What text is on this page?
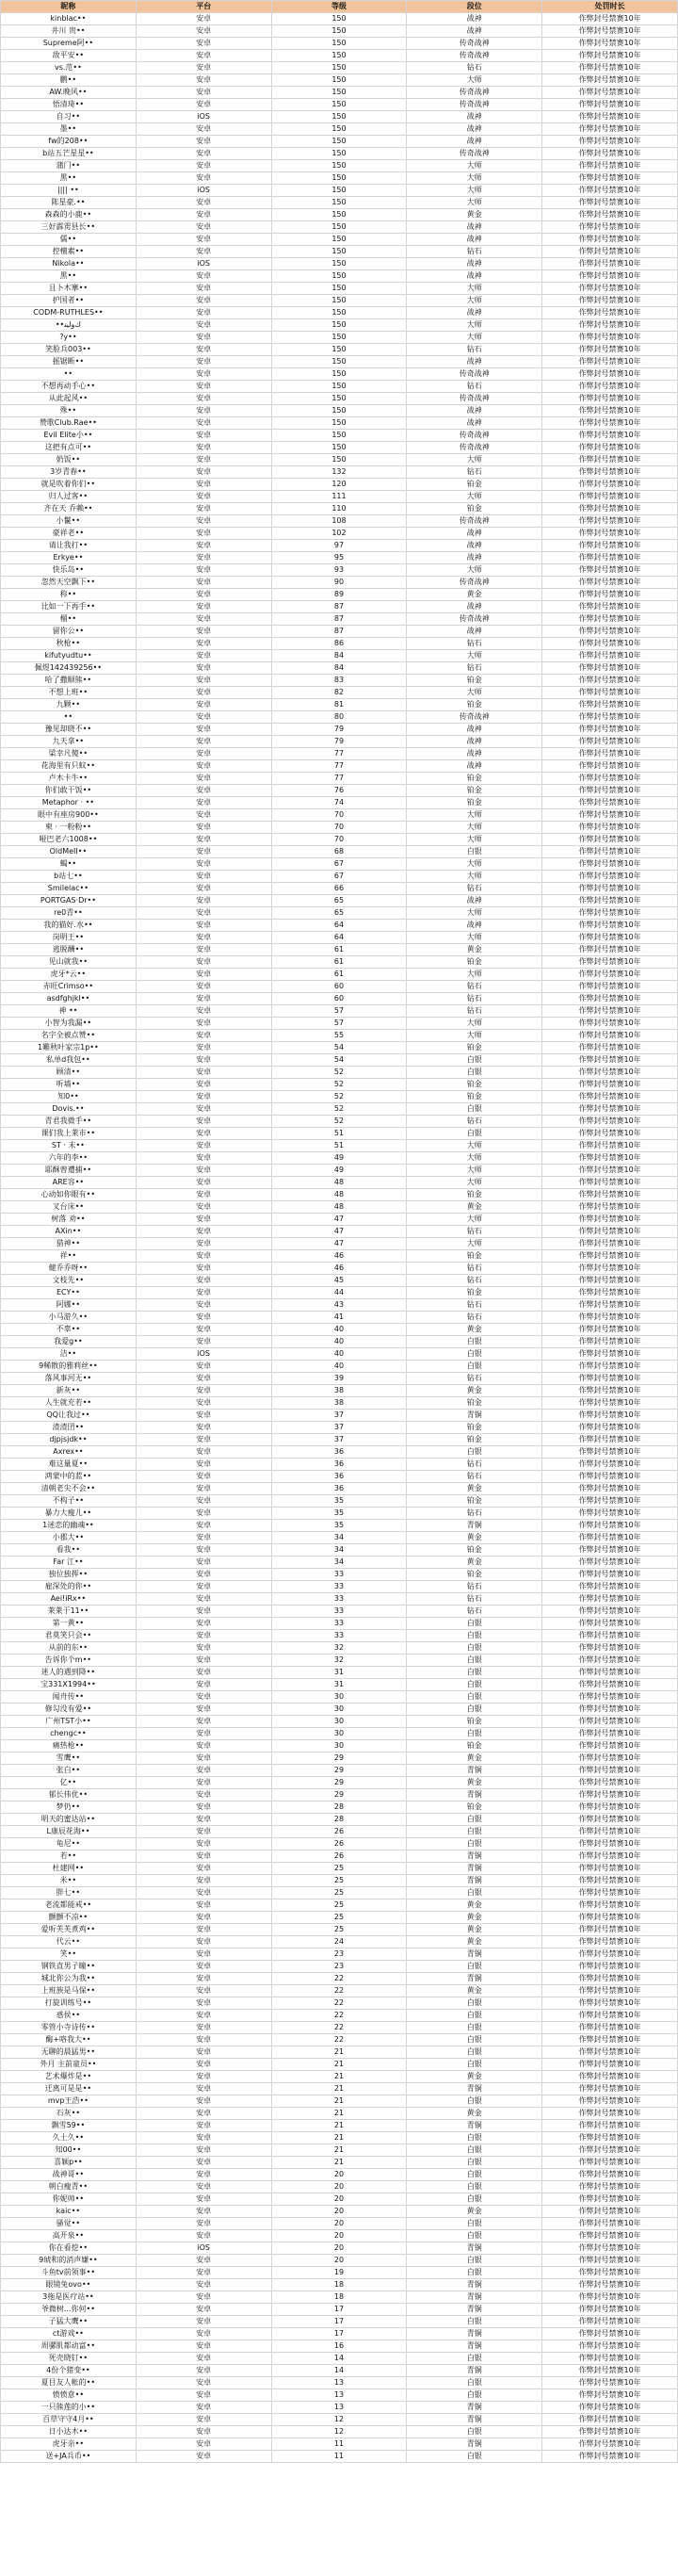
昵称	平台	等级	段位	处罚时长
kinblac••	安卓	150	战神	作弊封号禁赛10年
井川 贵••	安卓	150	战神	作弊封号禁赛10年
Supreme阿••	安卓	150	传奇战神	作弊封号禁赛10年
敌平安••	安卓	150	传奇战神	作弊封号禁赛10年
vs.范••	安卓	150	钻石	作弊封号禁赛10年
鹏••	安卓	150	大师	作弊封号禁赛10年
AW.晚风••	安卓	150	传奇战神	作弊封号禁赛10年
悟清琦••	安卓	150	传奇战神	作弊封号禁赛10年
自习••	iOS	150	战神	作弊封号禁赛10年
墨••	安卓	150	战神	作弊封号禁赛10年
fw的208••	安卓	150	战神	作弊封号禁赛10年
b站五芒星星••	安卓	150	传奇战神	作弊封号禁赛10年
蒲门••	安卓	150	大师	作弊封号禁赛10年
黑••	安卓	150	大师	作弊封号禁赛10年
|||| ••	iOS	150	大师	作弊封号禁赛10年
陈星豪.••	安卓	150	大师	作弊封号禁赛10年
森森的小鹿••	安卓	150	黄金	作弊封号禁赛10年
三好霹雳县长••	安卓	150	战神	作弊封号禁赛10年
儒••	安卓	150	战神	作弊封号禁赛10年
控檀素••	安卓	150	钻石	作弊封号禁赛10年
Nikola••	iOS	150	战神	作弊封号禁赛10年
黑••	安卓	150	战神	作弊封号禁赛10年
且卜木搴••	安卓	150	大师	作弊封号禁赛10年
护国者••	安卓	150	大师	作弊封号禁赛10年
CODM-RUTHLES••	安卓	150	战神	作弊封号禁赛10年
••ﻙﻭﻟﻴﻨ	安卓	150	大师	作弊封号禁赛10年
?y••	安卓	150	大师	作弊封号禁赛10年
笑脸兵003••	安卓	150	钻石	作弊封号禁赛10年
摇锯断••	安卓	150	战神	作弊封号禁赛10年
••	安卓	150	传奇战神	作弊封号禁赛10年
不想再动手心••	安卓	150	钻石	作弊封号禁赛10年
从此起风••	安卓	150	传奇战神	作弊封号禁赛10年
殊••	安卓	150	战神	作弊封号禁赛10年
赞歌Club.Rae••	安卓	150	战神	作弊封号禁赛10年
Evil Elite小••	安卓	150	传奇战神	作弊封号禁赛10年
这把有点可••	安卓	150	传奇战神	作弊封号禁赛10年
奶饭••	安卓	150	大师	作弊封号禁赛10年
3岁青春••	安卓	132	钻石	作弊封号禁赛10年
就是吹着你们••	安卓	120	铂金	作弊封号禁赛10年
归人过客••	安卓	111	大师	作弊封号禁赛10年
齐在天 乔赖••	安卓	110	铂金	作弊封号禁赛10年
小鬣••	安卓	108	传奇战神	作弊封号禁赛10年
豪祥老••	安卓	102	战神	作弊封号禁赛10年
请让我打••	安卓	97	战神	作弊封号禁赛10年
Erkye••	安卓	95	战神	作弊封号禁赛10年
快乐岛••	安卓	93	大师	作弊封号禁赛10年
忽然天空飘下••	安卓	90	传奇战神	作弊封号禁赛10年
称••	安卓	89	黄金	作弊封号禁赛10年
比如一下再手••	安卓	87	战神	作弊封号禁赛10年
榴••	安卓	87	传奇战神	作弊封号禁赛10年
留你公••	安卓	87	战神	作弊封号禁赛10年
秋枪••	安卓	86	钻石	作弊封号禁赛10年
kifutyudtu••	安卓	84	大师	作弊封号禁赛10年
佩煜142439256••	安卓	84	钻石	作弊封号禁赛10年
哈了撒顺熊••	安卓	83	铂金	作弊封号禁赛10年
不想上班••	安卓	82	大师	作弊封号禁赛10年
九颗••	安卓	81	铂金	作弊封号禁赛10年
••	安卓	80	传奇战神	作弊封号禁赛10年
豫见却晓不••	安卓	79	战神	作弊封号禁赛10年
九天拿••	安卓	79	战神	作弊封号禁赛10年
梁幸凡傻••	安卓	77	战神	作弊封号禁赛10年
花海里有只蚊••	安卓	77	战神	作弊封号禁赛10年
卢木卡牛••	安卓	77	铂金	作弊封号禁赛10年
你们敢干饭••	安卓	76	铂金	作弊封号禁赛10年
Metaphor · ••	安卓	74	铂金	作弊封号禁赛10年
眼中有座房900••	安卓	70	大师	作弊封号禁赛10年
柬 · 一粉粉••	安卓	70	大师	作弊封号禁赛10年
哑巴老六1008••	安卓	70	大师	作弊封号禁赛10年
OldMeII••	安卓	68	白银	作弊封号禁赛10年
蝎••	安卓	67	大师	作弊封号禁赛10年
b站七••	安卓	67	大师	作弊封号禁赛10年
Smilelac••	安卓	66	钻石	作弊封号禁赛10年
PORTGAS·Dr••	安卓	65	战神	作弊封号禁赛10年
re0青••	安卓	65	大师	作弊封号禁赛10年
我的猫好.水••	安卓	64	战神	作弊封号禁赛10年
岗明王••	安卓	64	大师	作弊封号禁赛10年
逃脱酬••	安卓	61	黄金	作弊封号禁赛10年
见山就我••	安卓	61	铂金	作弊封号禁赛10年
虎牙*云••	安卓	61	大师	作弊封号禁赛10年
赤旺Crimso••	安卓	60	钻石	作弊封号禁赛10年
asdfghjkl••	安卓	60	钻石	作弊封号禁赛10年
神 ••	安卓	57	钻石	作弊封号禁赛10年
小智为我漏••	安卓	57	大师	作弊封号禁赛10年
名字全被点赞••	安卓	55	大师	作弊封号禁赛10年
1難秋叶家宗1p••	安卓	54	铂金	作弊封号禁赛10年
私单d我包••	安卓	54	白银	作弊封号禁赛10年
顾清••	安卓	52	白银	作弊封号禁赛10年
听墙••	安卓	52	铂金	作弊封号禁赛10年
知0••	安卓	52	铂金	作弊封号禁赛10年
Dovis.••	安卓	52	白银	作弊封号禁赛10年
青君我微手••	安卓	52	钻石	作弊封号禁赛10年
课们我上莱市••	安卓	51	白银	作弊封号禁赛10年
ST · 末••	安卓	51	大师	作弊封号禁赛10年
六年的李••	安卓	49	大师	作弊封号禁赛10年
耶酥曾遭捕••	安卓	49	大师	作弊封号禁赛10年
ARE容••	安卓	48	大师	作弊封号禁赛10年
心动如你眼有••	安卓	48	铂金	作弊封号禁赛10年
叉台床••	安卓	48	黄金	作弊封号禁赛10年
树落 劝••	安卓	47	大师	作弊封号禁赛10年
AXin••	安卓	47	钻石	作弊封号禁赛10年
猎神••	安卓	47	大师	作弊封号禁赛10年
祥••	安卓	46	铂金	作弊封号禁赛10年
健乔乔呀••	安卓	46	钻石	作弊封号禁赛10年
文枝先••	安卓	45	钻石	作弊封号禁赛10年
ECY••	安卓	44	铂金	作弊封号禁赛10年
阿娜••	安卓	43	钻石	作弊封号禁赛10年
小马游久••	安卓	41	钻石	作弊封号禁赛10年
不辜••	安卓	40	黄金	作弊封号禁赛10年
我爱g••	安卓	40	白银	作弊封号禁赛10年
洁••	iOS	40	白银	作弊封号禁赛10年
9稀散的雅莉丝••	安卓	40	白银	作弊封号禁赛10年
落风事河无••	安卓	39	钻石	作弊封号禁赛10年
新灰••	安卓	38	黄金	作弊封号禁赛10年
人生就充若••	安卓	38	铂金	作弊封号禁赛10年
QQ让我过••	安卓	37	青铜	作弊封号禁赛10年
渣渣囝••	安卓	37	铂金	作弊封号禁赛10年
djpjsjdk••	安卓	37	铂金	作弊封号禁赛10年
Axrex••	安卓	36	白银	作弊封号禁赛10年
难这量夏••	安卓	36	钻石	作弊封号禁赛10年
鸿蒙中的蓝••	安卓	36	钻石	作弊封号禁赛10年
清朝老尖不会••	安卓	36	黄金	作弊封号禁赛10年
不构子••	安卓	35	铂金	作弊封号禁赛10年
暴力大瘦儿••	安卓	35	钻石	作弊封号禁赛10年
1迷恋的幽魂••	安卓	35	青铜	作弊封号禁赛10年
小郡大••	安卓	34	黄金	作弊封号禁赛10年
看我••	安卓	34	铂金	作弊封号禁赛10年
Far 江••	安卓	34	黄金	作弊封号禁赛10年
独位独挥••	安卓	33	铂金	作弊封号禁赛10年
雇深处的你••	安卓	33	钻石	作弊封号禁赛10年
Aei!iRx••	安卓	33	钻石	作弊封号禁赛10年
莱莱于11••	安卓	33	钻石	作弊封号禁赛10年
第一黄••	安卓	33	白银	作弊封号禁赛10年
君莫笑只会••	安卓	33	白银	作弊封号禁赛10年
从前的东••	安卓	32	白银	作弊封号禁赛10年
告诉你个m••	安卓	32	白银	作弊封号禁赛10年
迷人的遇到降••	安卓	31	白银	作弊封号禁赛10年
宝331X1994••	安卓	31	白银	作弊封号禁赛10年
闻舟传••	安卓	30	白银	作弊封号禁赛10年
修勾没有爱••	安卓	30	白银	作弊封号禁赛10年
广州TST小••	安卓	30	铂金	作弊封号禁赛10年
chengc••	安卓	30	白银	作弊封号禁赛10年
痛热枪••	安卓	30	铂金	作弊封号禁赛10年
雪鹰••	安卓	29	黄金	作弊封号禁赛10年
张白••	安卓	29	青铜	作弊封号禁赛10年
亿••	安卓	29	黄金	作弊封号禁赛10年
郁长伟优••	安卓	29	青铜	作弊封号禁赛10年
梦仍••	安卓	28	铂金	作弊封号禁赛10年
明天的蜜达站••	安卓	28	白银	作弊封号禁赛10年
L康辰花海••	安卓	26	白银	作弊封号禁赛10年
龟尼••	安卓	26	白银	作弊封号禁赛10年
若••	安卓	26	青铜	作弊封号禁赛10年
杜建网••	安卓	25	青铜	作弊封号禁赛10年
米••	安卓	25	青铜	作弊封号禁赛10年
胖七••	安卓	25	白银	作弊封号禁赛10年
老流都能戒••	安卓	25	黄金	作弊封号禁赛10年
颤颤不凉••	安卓	25	黄金	作弊封号禁赛10年
爱听芙芙煮鸡••	安卓	25	黄金	作弊封号禁赛10年
代云••	安卓	24	黄金	作弊封号禁赛10年
笑••	安卓	23	青铜	作弊封号禁赛10年
钢铁直男子瞳••	安卓	23	白银	作弊封号禁赛10年
城北你公为我••	安卓	22	青铜	作弊封号禁赛10年
上班族是马保••	安卓	22	黄金	作弊封号禁赛10年
打旋训练号••	安卓	22	白银	作弊封号禁赛10年
惑侯••	安卓	22	白银	作弊封号禁赛10年
零管小寺诗传••	安卓	22	白银	作弊封号禁赛10年
酶+咯我大••	安卓	22	白银	作弊封号禁赛10年
无聊的晨猛男••	安卓	21	白银	作弊封号禁赛10年
外月 主前童员••	安卓	21	白银	作弊封号禁赛10年
艺术爆炸是••	安卓	21	黄金	作弊封号禁赛10年
迁离可是是••	安卓	21	青铜	作弊封号禁赛10年
mvp王浩••	安卓	21	白银	作弊封号禁赛10年
石灰••	安卓	21	黄金	作弊封号禁赛10年
飘雪59••	安卓	21	青铜	作弊封号禁赛10年
久土久••	安卓	21	白银	作弊封号禁赛10年
知00••	安卓	21	白银	作弊封号禁赛10年
喜颖p••	安卓	21	白银	作弊封号禁赛10年
战神哥••	安卓	20	白银	作弊封号禁赛10年
朝白瘦青••	安卓	20	白银	作弊封号禁赛10年
你妮帅••	安卓	20	白银	作弊封号禁赛10年
kaic••	安卓	20	黄金	作弊封号禁赛10年
骚觉••	安卓	20	白银	作弊封号禁赛10年
高开泉••	安卓	20	白银	作弊封号禁赛10年
你在看挖••	iOS	20	青铜	作弊封号禁赛10年
9琥和的消声嫌••	安卓	20	白银	作弊封号禁赛10年
斗鱼tv前领事••	安卓	19	白银	作弊封号禁赛10年
眼镜兔ovo••	安卓	18	青铜	作弊封号禁赛10年
3拖是医疗站••	安卓	18	青铜	作弊封号禁赛10年
爷微树...你何••	安卓	17	青铜	作弊封号禁赛10年
子猛大鹰••	安卓	17	白银	作弊封号禁赛10年
ct游戏••	安卓	17	青铜	作弊封号禁赛10年
周骡肌都动富••	安卓	16	青铜	作弊封号禁赛10年
死壳晓钉••	安卓	14	白银	作弊封号禁赛10年
4份个猪变••	安卓	14	青铜	作弊封号禁赛10年
夏目友人帐的••	安卓	13	白银	作弊封号禁赛10年
愤愤意••	安卓	13	白银	作弊封号禁赛10年
一只熊莲的小••	安卓	13	青铜	作弊封号禁赛10年
百草守守4月••	安卓	12	青铜	作弊封号禁赛10年
日小达木••	安卓	12	白银	作弊封号禁赛10年
虎牙亲••	安卓	11	青铜	作弊封号禁赛10年
送+JA兵币••	安卓	11	白银	作弊封号禁赛10年
